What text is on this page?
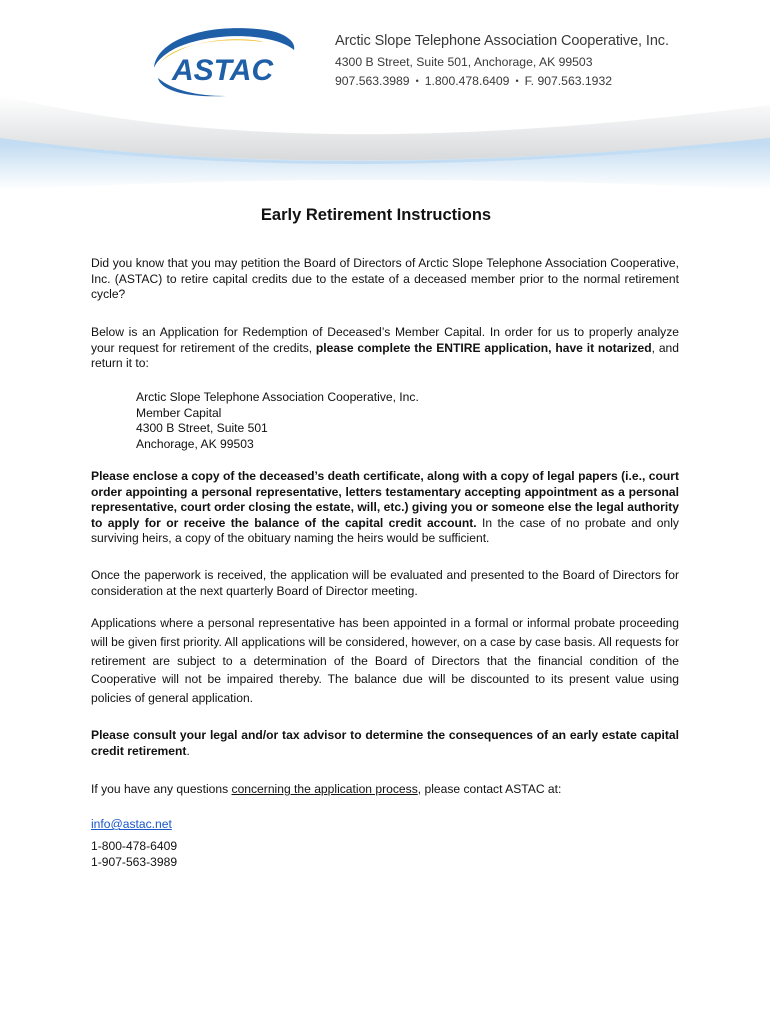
ASTAC
Arctic Slope Telephone Association Cooperative, Inc.
4300 B Street, Suite 501, Anchorage, AK 99503
907.563.3989 • 1.800.478.6409 • F. 907.563.1932
Early Retirement Instructions

Did you know that you may petition the Board of Directors of Arctic Slope Telephone Association Cooperative, Inc. (ASTAC) to retire capital credits due to the estate of a deceased member prior to the normal retirement cycle?

Below is an Application for Redemption of Deceased’s Member Capital. In order for us to properly analyze your request for retirement of the credits, please complete the ENTIRE application, have it notarized, and return it to:

Arctic Slope Telephone Association Cooperative, Inc.
Member Capital
4300 B Street, Suite 501
Anchorage, AK 99503

Please enclose a copy of the deceased’s death certificate, along with a copy of legal papers (i.e., court order appointing a personal representative, letters testamentary accepting appointment as a personal representative, court order closing the estate, will, etc.) giving you or someone else the legal authority to apply for or receive the balance of the capital credit account. In the case of no probate and only surviving heirs, a copy of the obituary naming the heirs would be sufficient.

Once the paperwork is received, the application will be evaluated and presented to the Board of Directors for consideration at the next quarterly Board of Director meeting.

Applications where a personal representative has been appointed in a formal or informal probate proceeding will be given first priority. All applications will be considered, however, on a case by case basis. All requests for retirement are subject to a determination of the Board of Directors that the financial condition of the Cooperative will not be impaired thereby. The balance due will be discounted to its present value using policies of general application.

Please consult your legal and/or tax advisor to determine the consequences of an early estate capital credit retirement.

If you have any questions concerning the application process, please contact ASTAC at:

info@astac.net
1-800-478-6409
1-907-563-3989
